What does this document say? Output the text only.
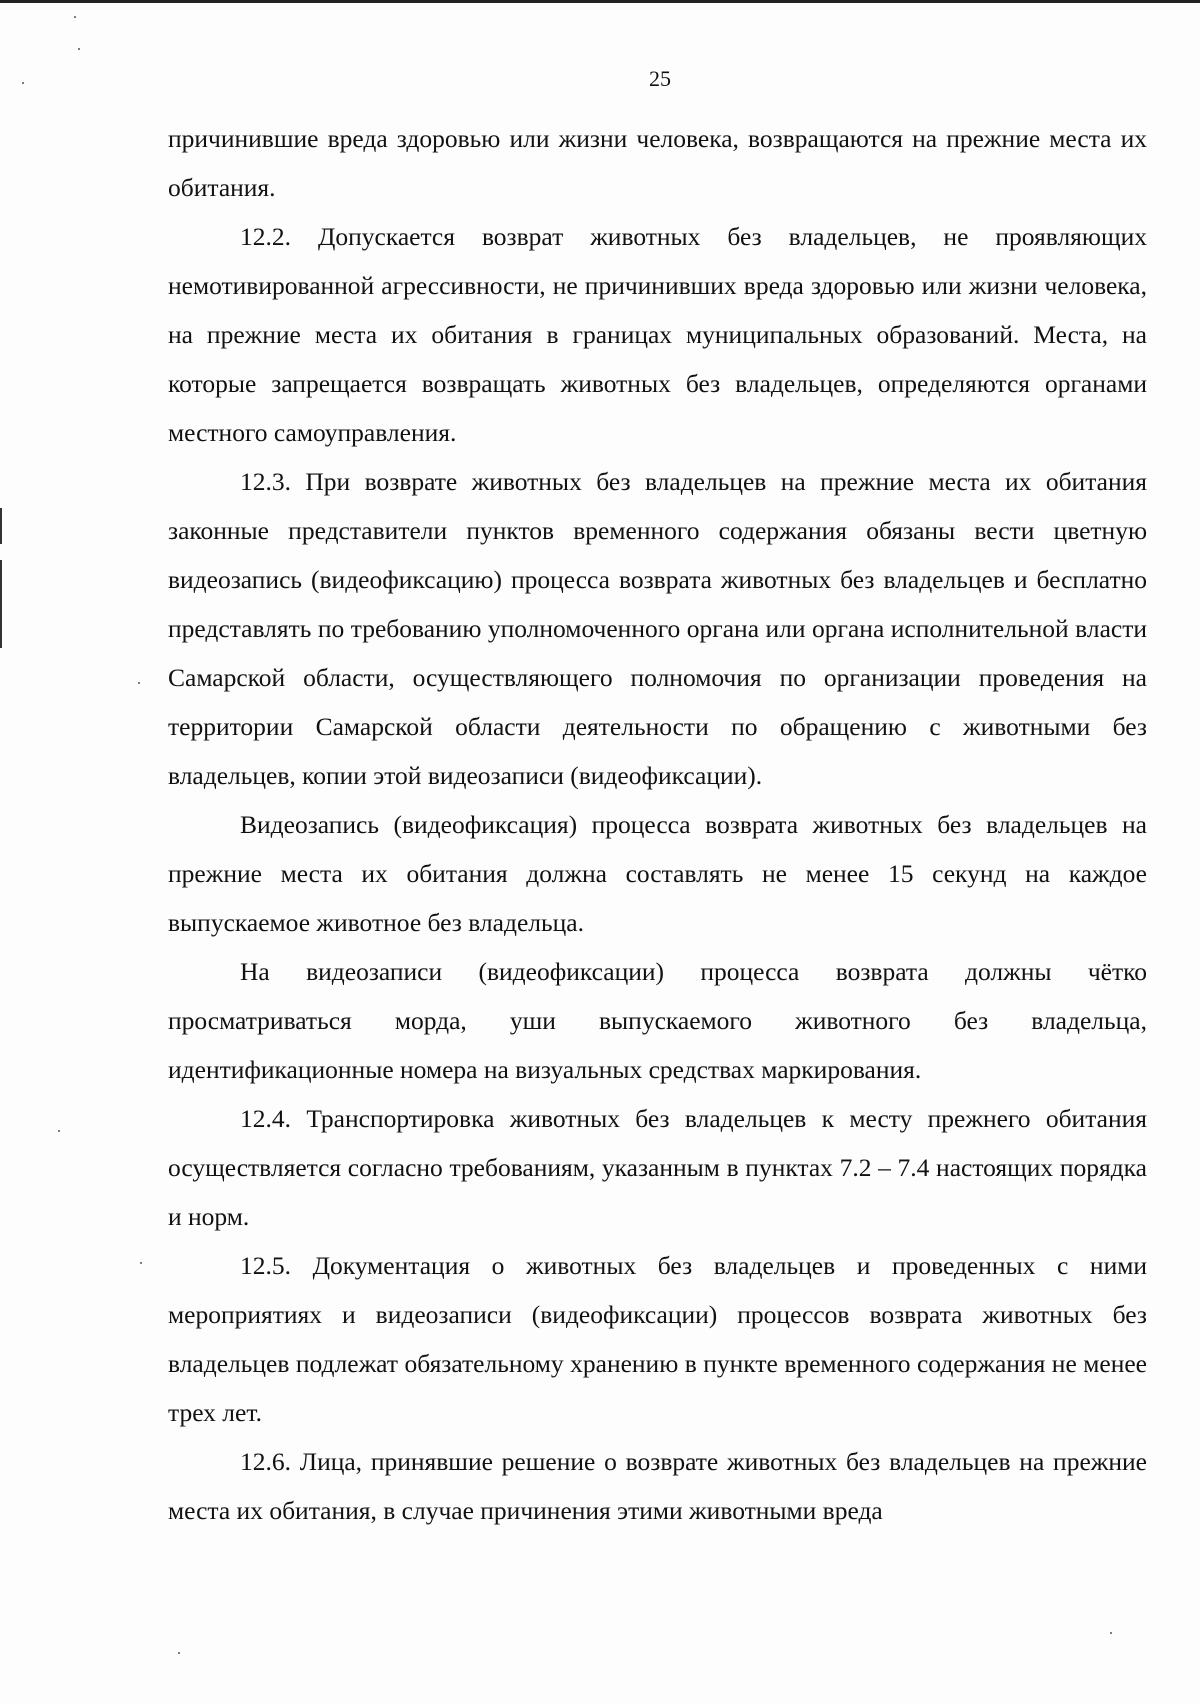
25

причинившие вреда здоровью или жизни человека, возвращаются на прежние места их обитания.

12.2. Допускается возврат животных без владельцев, не проявляющих немотивированной агрессивности, не причинивших вреда здоровью или жизни человека, на прежние места их обитания в границах муниципальных образований. Места, на которые запрещается возвращать животных без владельцев, определяются органами местного самоуправления.

12.3. При возврате животных без владельцев на прежние места их обитания законные представители пунктов временного содержания обязаны вести цветную видеозапись (видеофиксацию) процесса возврата животных без владельцев и бесплатно представлять по требованию уполномоченного органа или органа исполнительной власти Самарской области, осуществляющего полномочия по организации проведения на территории Самарской области деятельности по обращению с животными без владельцев, копии этой видеозаписи (видеофиксации).

Видеозапись (видеофиксация) процесса возврата животных без владельцев на прежние места их обитания должна составлять не менее 15 секунд на каждое выпускаемое животное без владельца.

На видеозаписи (видеофиксации) процесса возврата должны чётко просматриваться морда, уши выпускаемого животного без владельца, идентификационные номера на визуальных средствах маркирования.

12.4. Транспортировка животных без владельцев к месту прежнего обитания осуществляется согласно требованиям, указанным в пунктах 7.2 – 7.4 настоящих порядка и норм.

12.5. Документация о животных без владельцев и проведенных с ними мероприятиях и видеозаписи (видеофиксации) процессов возврата животных без владельцев подлежат обязательному хранению в пункте временного содержания не менее трех лет.

12.6. Лица, принявшие решение о возврате животных без владельцев на прежние места их обитания, в случае причинения этими животными вреда
